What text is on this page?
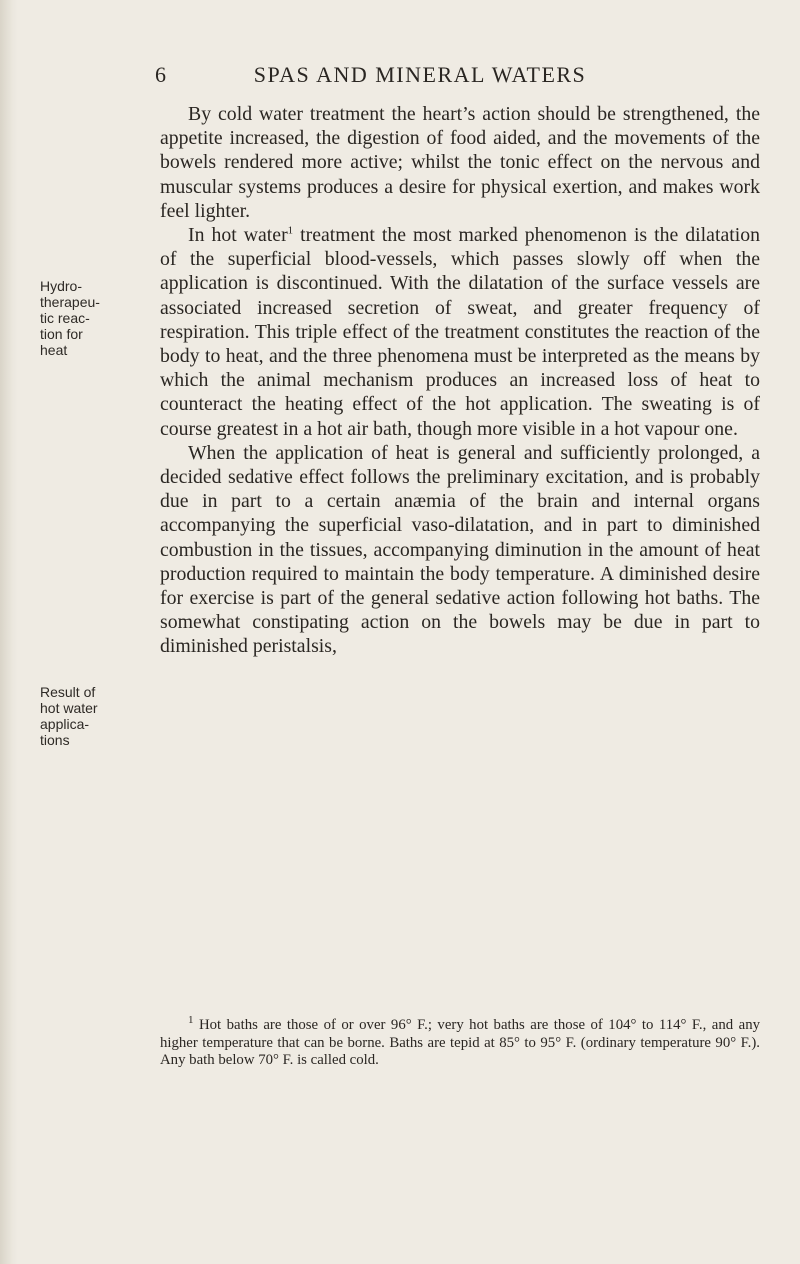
6	SPAS AND MINERAL WATERS
Hydro-
therapeu-
tic reac-
tion for
heat
Result of
hot water
applica-
tions

By cold water treatment the heart’s action should be strengthened, the appetite increased, the digestion of food aided, and the movements of the bowels rendered more active; whilst the tonic effect on the nervous and muscular systems produces a desire for physical exertion, and makes work feel lighter.

In hot water$^1$ treatment the most marked phenomenon is the dilatation of the superficial blood-vessels, which passes slowly off when the application is discontinued. With the dilatation of the surface vessels are associated increased secretion of sweat, and greater frequency of respiration. This triple effect of the treatment constitutes the reaction of the body to heat, and the three phenomena must be interpreted as the means by which the animal mechanism produces an increased loss of heat to counteract the heating effect of the hot application. The sweating is of course greatest in a hot air bath, though more visible in a hot vapour one.

When the application of heat is general and sufficiently prolonged, a decided sedative effect follows the preliminary excitation, and is probably due in part to a certain anæmia of the brain and internal organs accompanying the superficial vaso-dilatation, and in part to diminished combustion in the tissues, accompanying diminution in the amount of heat production required to maintain the body temperature. A diminished desire for exercise is part of the general sedative action following hot baths. The somewhat constipating action on the bowels may be due in part to diminished peristalsis,

$^1$ Hot baths are those of or over 96° F.; very hot baths are those of 104° to 114° F., and any higher temperature that can be borne. Baths are tepid at 85° to 95° F. (ordinary temperature 90° F.). Any bath below 70° F. is called cold.
